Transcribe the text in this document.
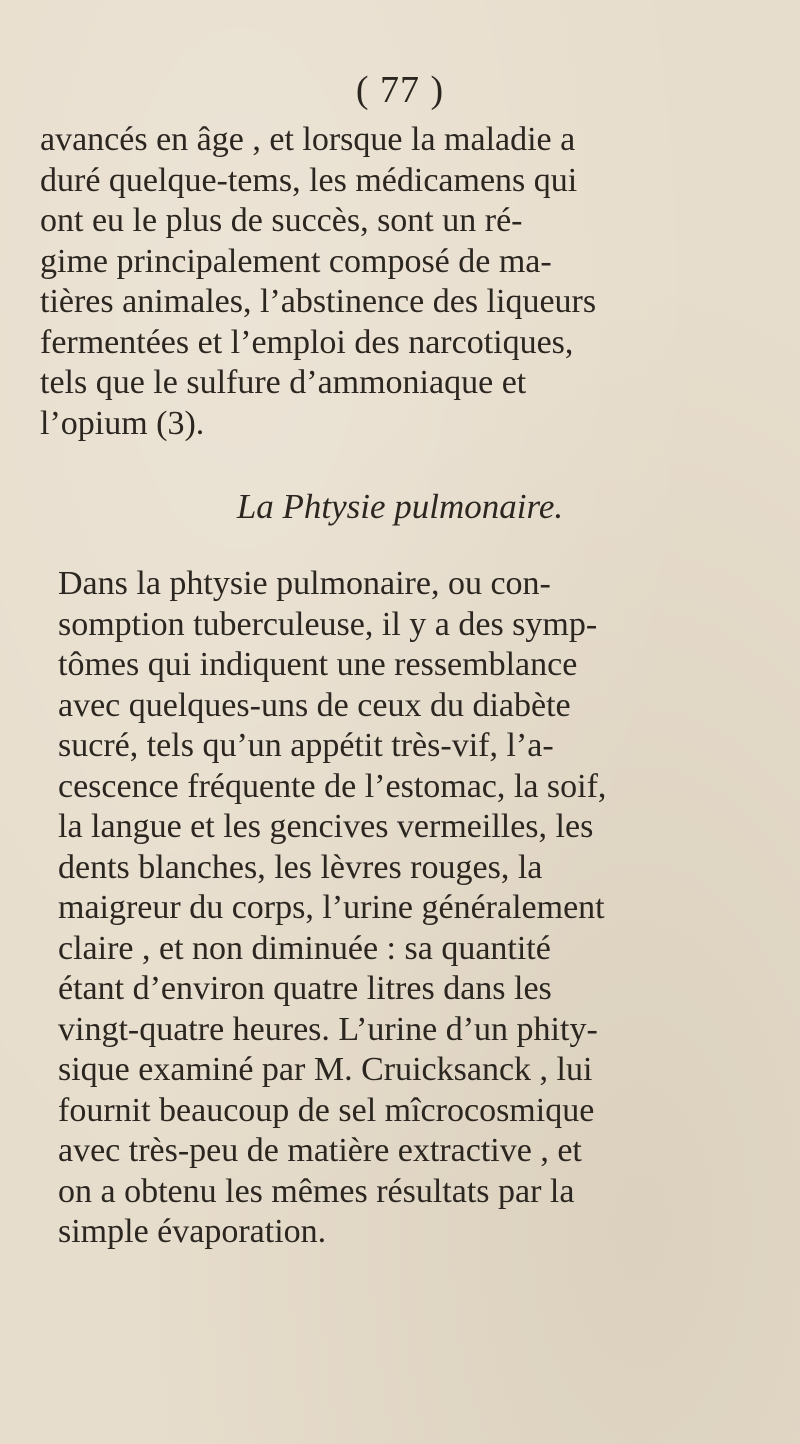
( 77 )
avancés en âge , et lorsque la maladie a
duré quelque-tems, les médicamens qui
ont eu le plus de succès, sont un ré-
gime principalement composé de ma-
tières animales, l’abstinence des liqueurs
fermentées et l’emploi des narcotiques,
tels que le sulfure d’ammoniaque et
l’opium (3).
La Phtysie pulmonaire.
Dans la phtysie pulmonaire, ou con-
somption tuberculeuse, il y a des symp-
tômes qui indiquent une ressemblance
avec quelques-uns de ceux du diabète
sucré, tels qu’un appétit très-vif, l’a-
cescence fréquente de l’estomac, la soif,
la langue et les gencives vermeilles, les
dents blanches, les lèvres rouges, la
maigreur du corps, l’urine généralement
claire , et non diminuée : sa quantité
étant d’environ quatre litres dans les
vingt-quatre heures. L’urine d’un phity-
sique examiné par M. Cruicksanck , lui
fournit beaucoup de sel mîcrocosmique
avec très-peu de matière extractive , et
on a obtenu les mêmes résultats par la
simple évaporation.
